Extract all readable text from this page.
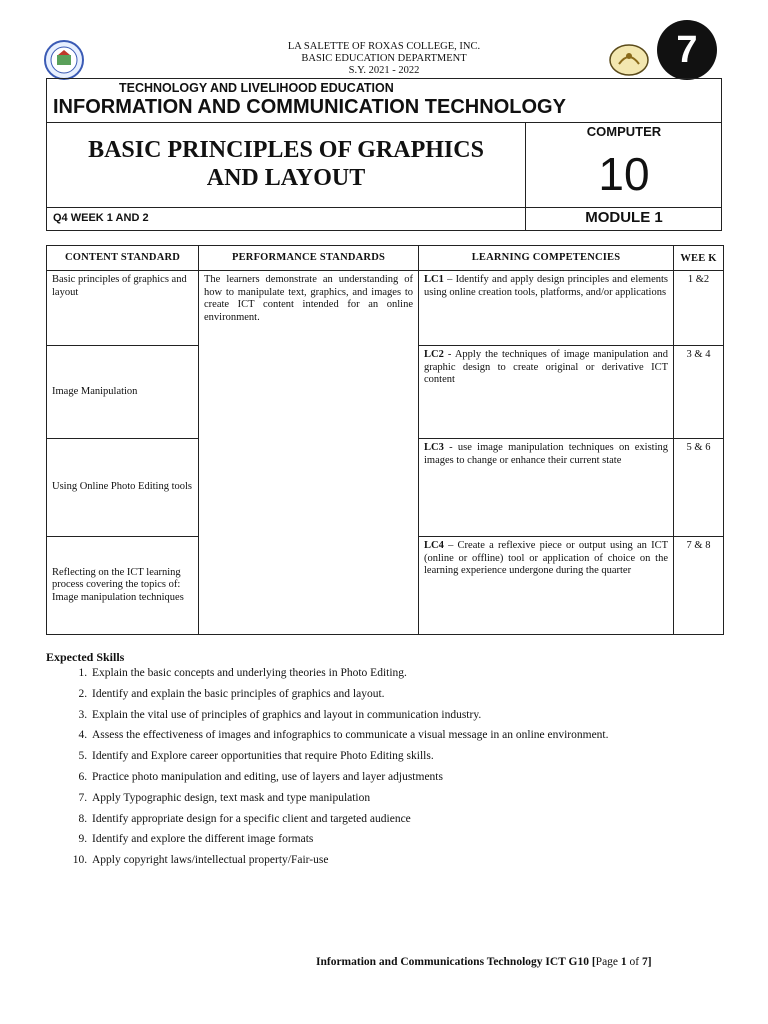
LA SALETTE OF ROXAS COLLEGE, INC.
BASIC EDUCATION DEPARTMENT
S.Y. 2021 - 2022	7
TECHNOLOGY AND LIVELIHOOD EDUCATION
INFORMATION AND COMMUNICATION TECHNOLOGY
BASIC PRINCIPLES OF GRAPHICS
AND LAYOUT
COMPUTER
10
Q4 WEEK 1 AND 2	MODULE 1
CONTENT STANDARD	PERFORMANCE STANDARDS	LEARNING COMPETENCIES	WEE K
Basic principles of graphics and layout	The learners demonstrate an understanding of how to manipulate text, graphics, and images to create ICT content intended for an online environment.	LC1 – Identify and apply design principles and elements using online creation tools, platforms, and/or applications	1 &2
Image Manipulation		LC2 - Apply the techniques of image manipulation and graphic design to create original or derivative ICT content	3 & 4
Using Online Photo Editing tools		LC3 - use image manipulation techniques on existing images to change or enhance their current state	5 & 6
Reflecting on the ICT learning process covering the topics of: Image manipulation techniques		LC4 – Create a reflexive piece or output using an ICT (online or offline) tool or application of choice on the learning experience undergone during the quarter	7 & 8
Expected Skills
1. Explain the basic concepts and underlying theories in Photo Editing.
2. Identify and explain the basic principles of graphics and layout.
3. Explain the vital use of principles of graphics and layout in communication industry.
4. Assess the effectiveness of images and infographics to communicate a visual message in an online environment.
5. Identify and Explore career opportunities that require Photo Editing skills.
6. Practice photo manipulation and editing, use of layers and layer adjustments
7. Apply Typographic design, text mask and type manipulation
8. Identify appropriate design for a specific client and targeted audience
9. Identify and explore the different image formats
10. Apply copyright laws/intellectual property/Fair-use
Information and Communications Technology ICT G10 [Page 1 of 7]
